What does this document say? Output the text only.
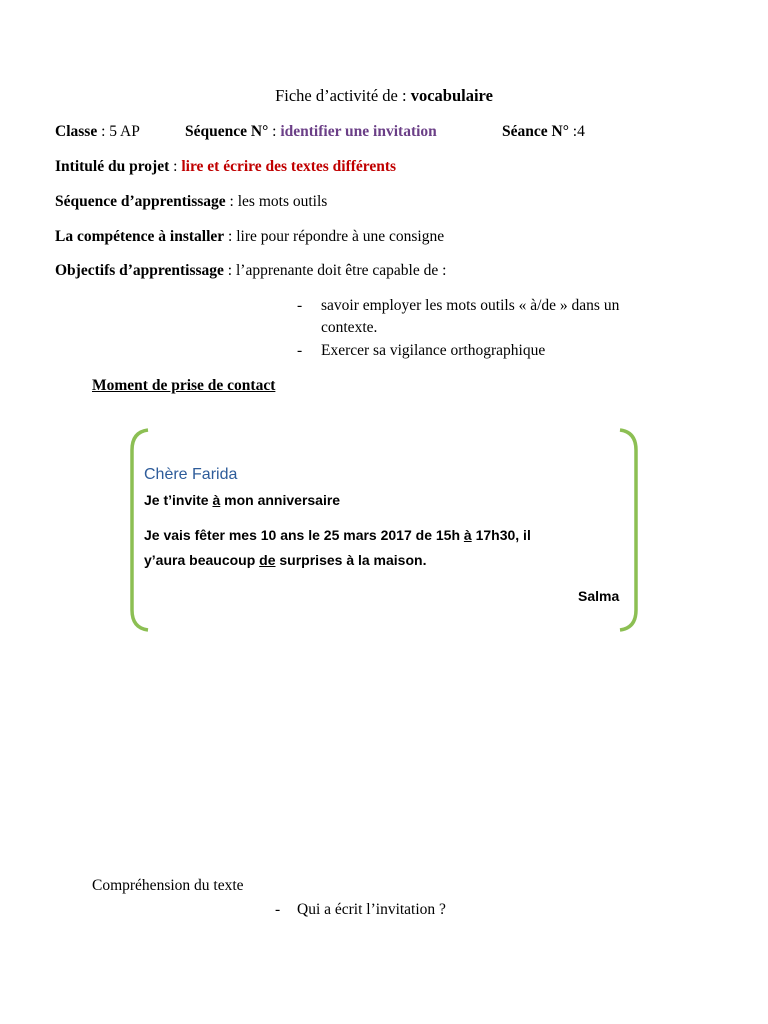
Fiche d’activité de : vocabulaire
Classe : 5 AP	Séquence N° : identifier une invitation	Séance N° :4
Intitulé du projet : lire et écrire des textes différents
Séquence d’apprentissage : les mots outils
La compétence à installer : lire pour répondre à une consigne
Objectifs d’apprentissage : l’apprenante doit être capable de :
- savoir employer les mots outils « à/de » dans un
contexte.
- Exercer sa vigilance orthographique
Moment de prise de contact
Chère Farida
Je t’invite à mon anniversaire
Je vais fêter mes 10 ans le 25 mars 2017 de 15h à 17h30, il
y’aura beaucoup de surprises à la maison.
Salma
Compréhension du texte
- Qui a écrit l’invitation ?
